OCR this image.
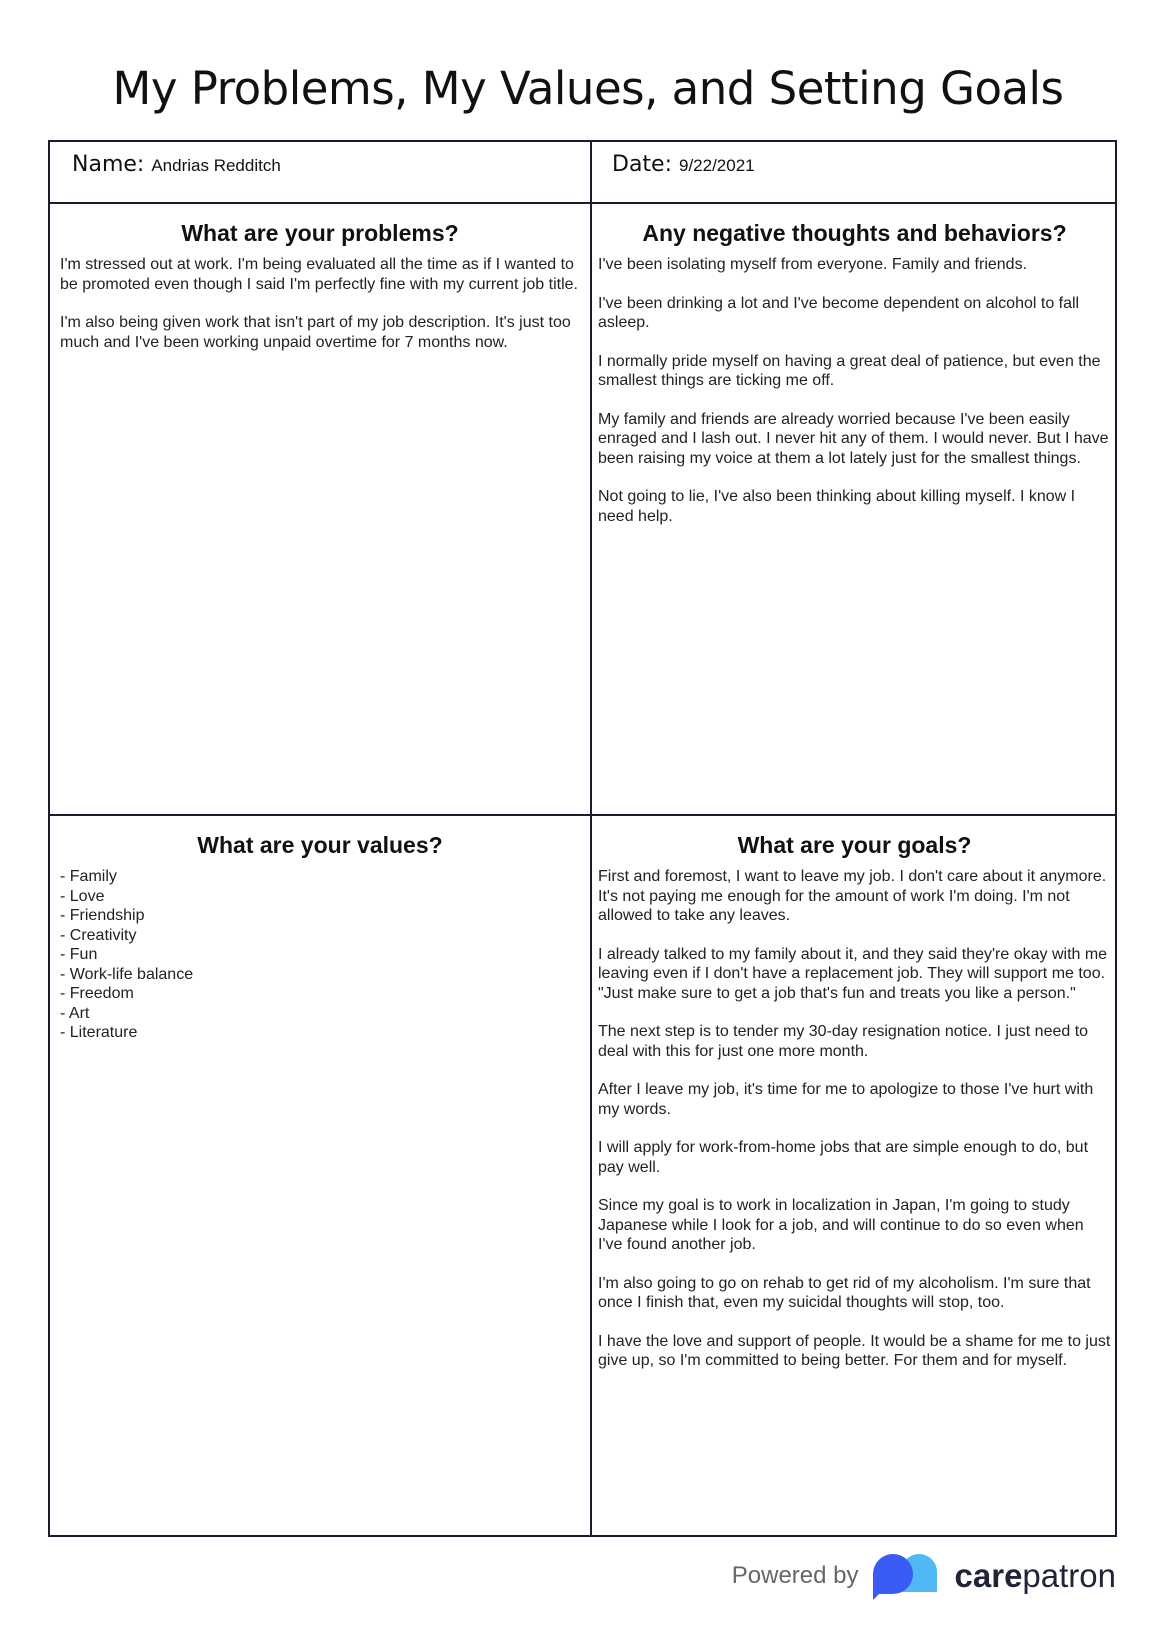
My Problems, My Values, and Setting Goals
Name: Andrias Redditch	Date: 9/22/2021
What are your problems?

I'm stressed out at work. I'm being evaluated all the time as if I wanted to be promoted even though I said I'm perfectly fine with my current job title.

I'm also being given work that isn't part of my job description. It's just too much and I've been working unpaid overtime for 7 months now.

Any negative thoughts and behaviors?

I've been isolating myself from everyone. Family and friends.

I've been drinking a lot and I've become dependent on alcohol to fall asleep.

I normally pride myself on having a great deal of patience, but even the smallest things are ticking me off.

My family and friends are already worried because I've been easily enraged and I lash out. I never hit any of them. I would never. But I have been raising my voice at them a lot lately just for the smallest things.

Not going to lie, I've also been thinking about killing myself. I know I need help.

What are your values?
- Family
- Love
- Friendship
- Creativity
- Fun
- Work-life balance
- Freedom
- Art
- Literature
What are your goals?

First and foremost, I want to leave my job. I don't care about it anymore. It's not paying me enough for the amount of work I'm doing. I'm not allowed to take any leaves.

I already talked to my family about it, and they said they're okay with me leaving even if I don't have a replacement job. They will support me too. "Just make sure to get a job that's fun and treats you like a person."

The next step is to tender my 30-day resignation notice. I just need to deal with this for just one more month.

After I leave my job, it's time for me to apologize to those I've hurt with my words.

I will apply for work-from-home jobs that are simple enough to do, but pay well.

Since my goal is to work in localization in Japan, I'm going to study Japanese while I look for a job, and will continue to do so even when I've found another job.

I'm also going to go on rehab to get rid of my alcoholism. I'm sure that once I finish that, even my suicidal thoughts will stop, too.

I have the love and support of people. It would be a shame for me to just give up, so I'm committed to being better. For them and for myself.

Powered by	carepatron
